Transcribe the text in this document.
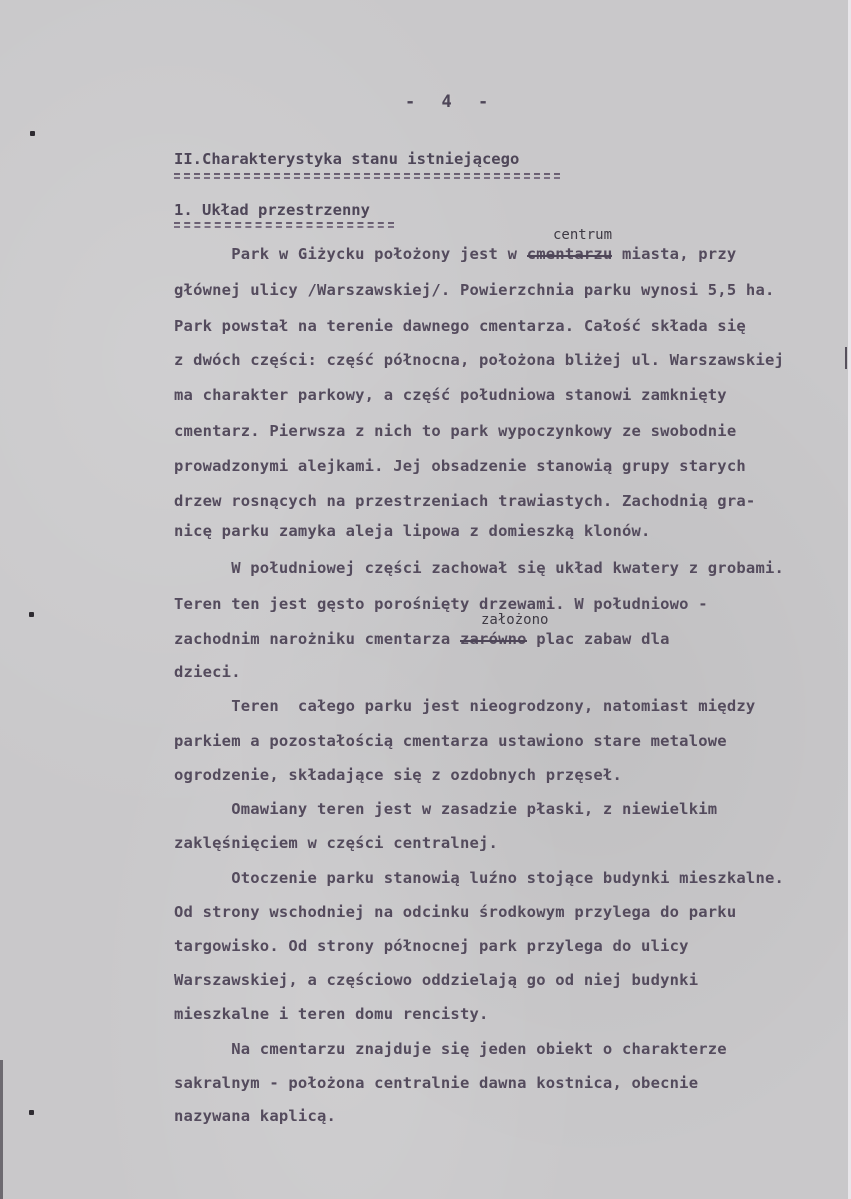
- 4 -
II.Charakterystyka stanu istniejącego
1. Układ przestrzenny
centrum
Park w Giżycku położony jest w cmentarzu miasta, przy
głównej ulicy /Warszawskiej/. Powierzchnia parku wynosi 5,5 ha.
Park powstał na terenie dawnego cmentarza. Całość składa się
z dwóch części: część północna, położona bliżej ul. Warszawskiej
ma charakter parkowy, a część południowa stanowi zamknięty
cmentarz. Pierwsza z nich to park wypoczynkowy ze swobodnie
prowadzonymi alejkami. Jej obsadzenie stanowią grupy starych
drzew rosnących na przestrzeniach trawiastych. Zachodnią gra-
nicę parku zamyka aleja lipowa z domieszką klonów.
W południowej części zachował się układ kwatery z grobami.
Teren ten jest gęsto porośnięty drzewami. W południowo -
założono
zachodnim narożniku cmentarza zarówno plac zabaw dla
dzieci.
Teren  całego parku jest nieogrodzony, natomiast między
parkiem a pozostałością cmentarza ustawiono stare metalowe
ogrodzenie, składające się z ozdobnych przęseł.
Omawiany teren jest w zasadzie płaski, z niewielkim
zaklęśnięciem w części centralnej.
Otoczenie parku stanowią luźno stojące budynki mieszkalne.
Od strony wschodniej na odcinku środkowym przylega do parku
targowisko. Od strony północnej park przylega do ulicy
Warszawskiej, a częściowo oddzielają go od niej budynki
mieszkalne i teren domu rencisty.
Na cmentarzu znajduje się jeden obiekt o charakterze
sakralnym - położona centralnie dawna kostnica, obecnie
nazywana kaplicą.
